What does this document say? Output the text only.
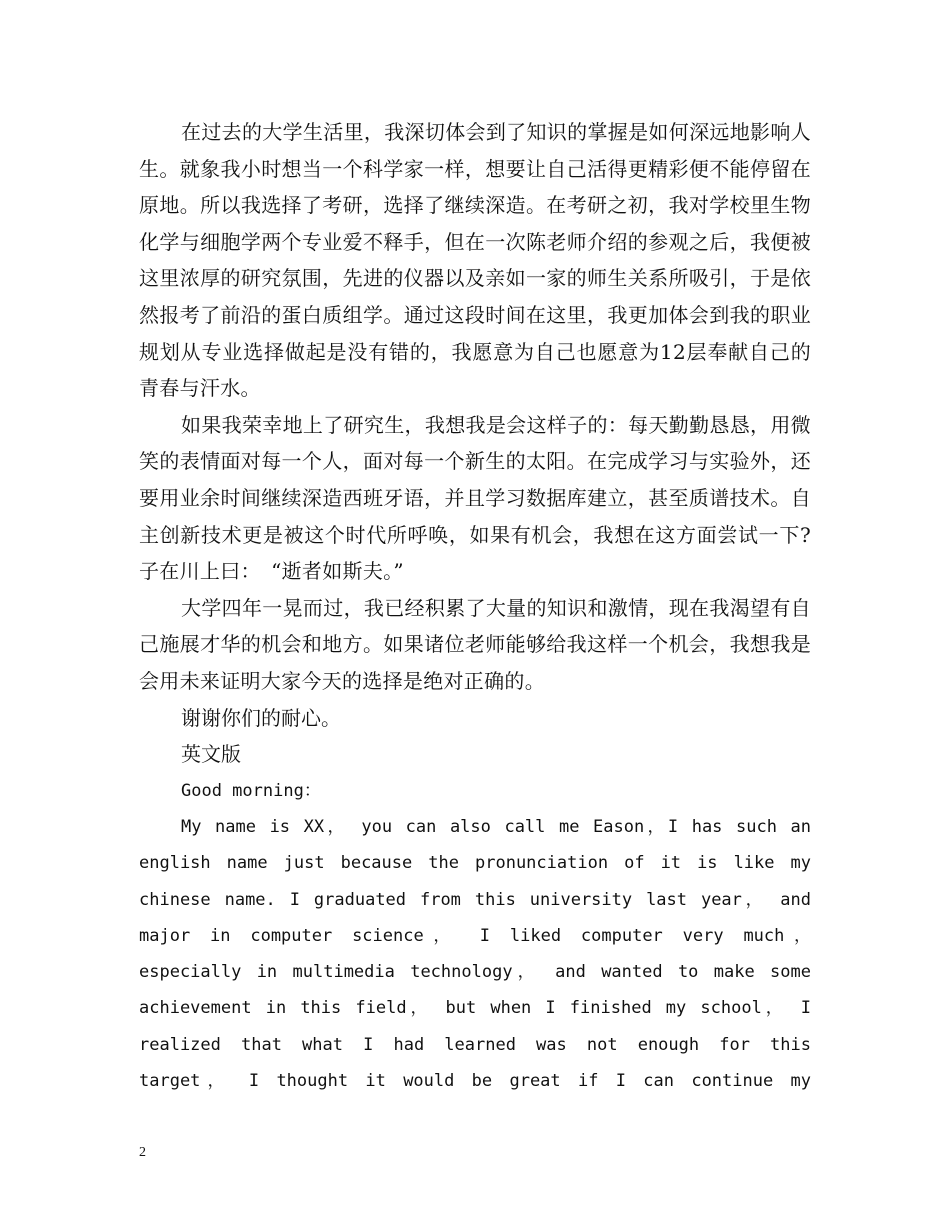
在过去的大学生活里，我深切体会到了知识的掌握是如何深远地影响人生。就象我小时想当一个科学家一样，想要让自己活得更精彩便不能停留在原地。所以我选择了考研，选择了继续深造。在考研之初，我对学校里生物化学与细胞学两个专业爱不释手，但在一次陈老师介绍的参观之后，我便被这里浓厚的研究氛围，先进的仪器以及亲如一家的师生关系所吸引，于是依然报考了前沿的蛋白质组学。通过这段时间在这里，我更加体会到我的职业规划从专业选择做起是没有错的，我愿意为自己也愿意为12层奉献自己的青春与汗水。

如果我荣幸地上了研究生，我想我是会这样子的：每天勤勤恳恳，用微笑的表情面对每一个人，面对每一个新生的太阳。在完成学习与实验外，还要用业余时间继续深造西班牙语，并且学习数据库建立，甚至质谱技术。自主创新技术更是被这个时代所呼唤，如果有机会，我想在这方面尝试一下?　　子在川上曰：　“逝者如斯夫。”

大学四年一晃而过，我已经积累了大量的知识和激情，现在我渴望有自己施展才华的机会和地方。如果诸位老师能够给我这样一个机会，我想我是会用未来证明大家今天的选择是绝对正确的。

谢谢你们的耐心。

英文版

Good morning：

My name is XX， you can also call me Eason，I has such an

english name just because the pronunciation of it is like my

chinese name. I graduated from this university last year， and

major in computer science， I liked computer very much，

especially in multimedia technology， and wanted to make some

achievement in this field， but when I finished my school， I

realized that what I had learned was not enough for this

target， I thought it would be great if I can continue my

2
